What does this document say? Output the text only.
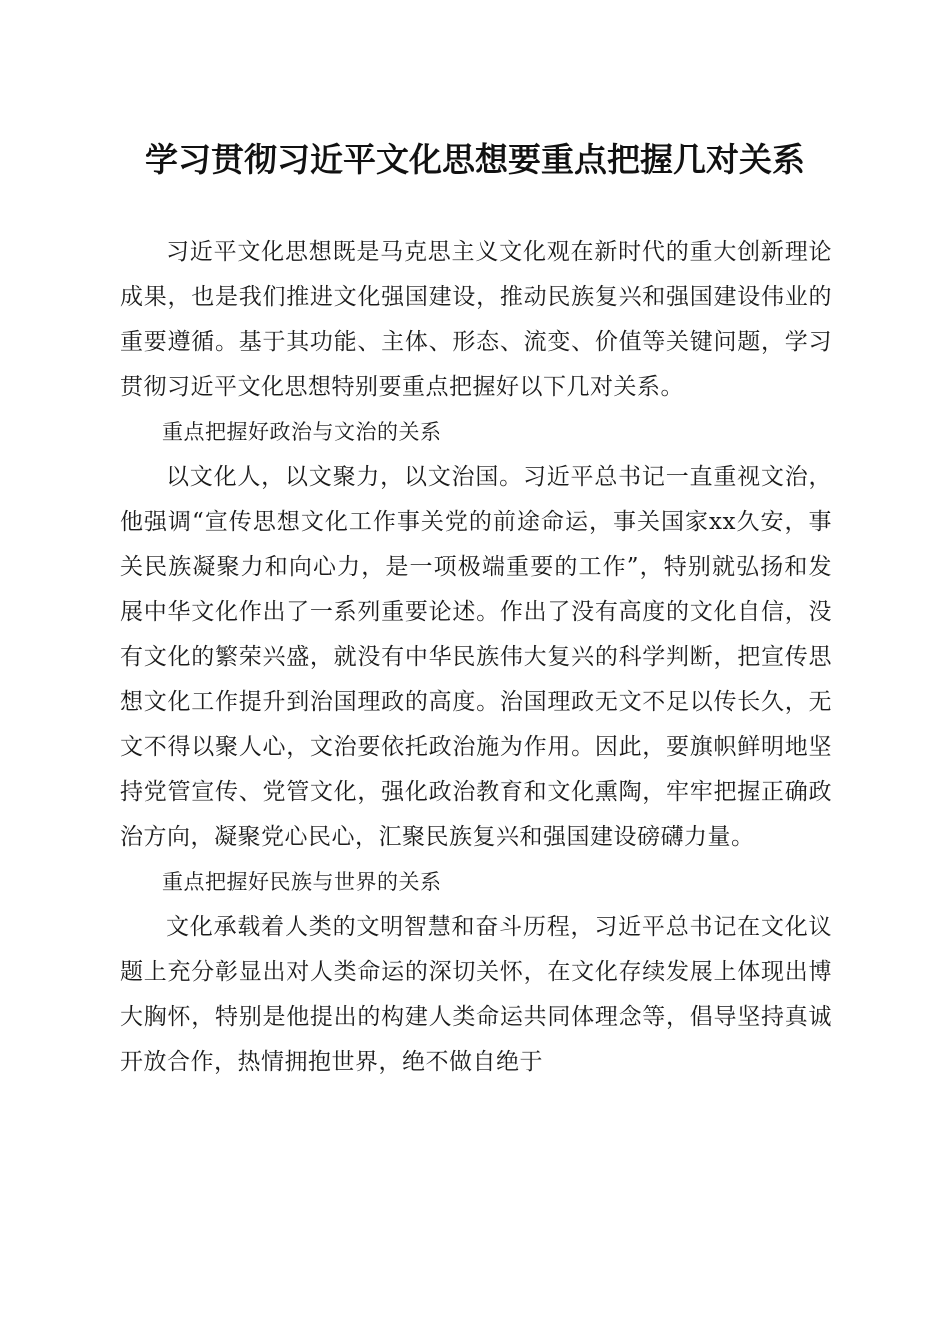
学习贯彻习近平文化思想要重点把握几对关系

习近平文化思想既是马克思主义文化观在新时代的重大创新理论成果，也是我们推进文化强国建设，推动民族复兴和强国建设伟业的重要遵循。基于其功能、主体、形态、流变、价值等关键问题，学习贯彻习近平文化思想特别要重点把握好以下几对关系。

重点把握好政治与文治的关系

以文化人，以文聚力，以文治国。习近平总书记一直重视文治，他强调“宣传思想文化工作事关党的前途命运，事关国家xx久安，事关民族凝聚力和向心力，是一项极端重要的工作”，特别就弘扬和发展中华文化作出了一系列重要论述。作出了没有高度的文化自信，没有文化的繁荣兴盛，就没有中华民族伟大复兴的科学判断，把宣传思想文化工作提升到治国理政的高度。治国理政无文不足以传长久，无文不得以聚人心，文治要依托政治施为作用。因此，要旗帜鲜明地坚持党管宣传、党管文化，强化政治教育和文化熏陶，牢牢把握正确政治方向，凝聚党心民心，汇聚民族复兴和强国建设磅礴力量。

重点把握好民族与世界的关系

文化承载着人类的文明智慧和奋斗历程，习近平总书记在文化议题上充分彰显出对人类命运的深切关怀，在文化存续发展上体现出博大胸怀，特别是他提出的构建人类命运共同体理念等，倡导坚持真诚开放合作，热情拥抱世界，绝不做自绝于
